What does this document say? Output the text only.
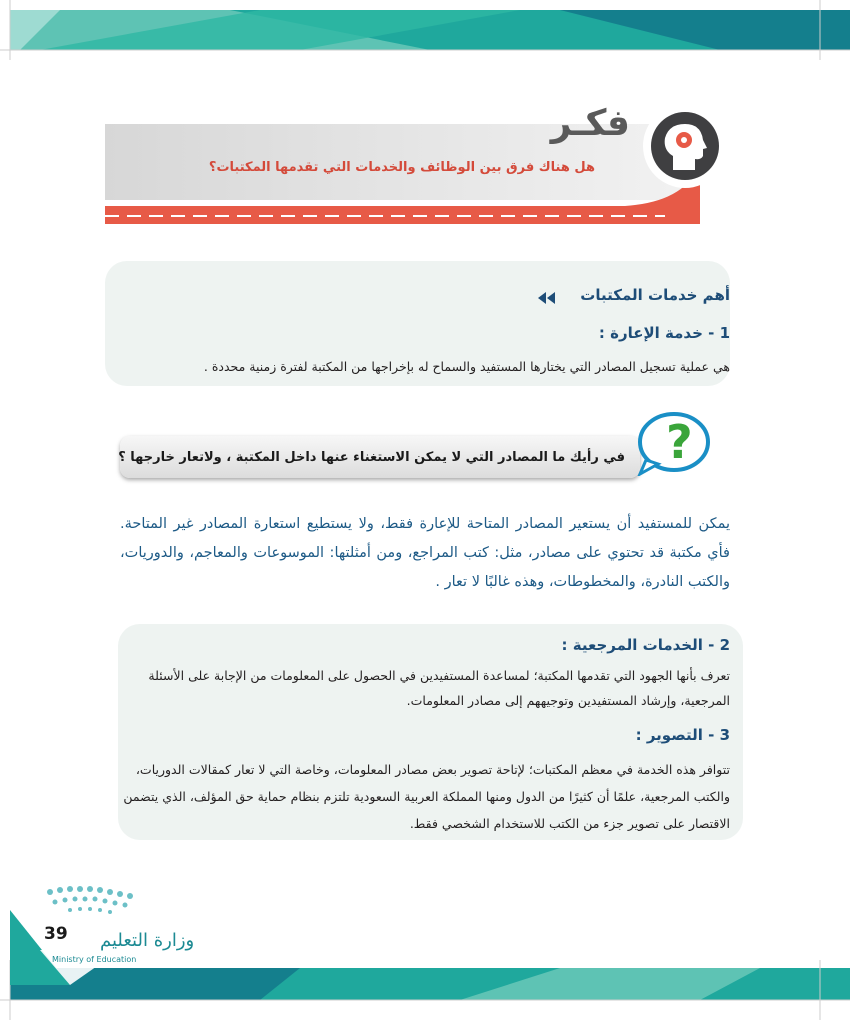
فكـر
هل هناك فرق بين الوظائف والخدمات التي تقدمها المكتبات؟
أهم خدمات المكتبات
1 - خدمة الإعارة :
هي عملية تسجيل المصادر التي يختارها المستفيد والسماح له بإخراجها من المكتبة لفترة زمنية محددة .
?
في رأيك ما المصادر التي لا يمكن الاستغناء عنها داخل المكتبة ، ولاتعار خارجها ؟
يمكن للمستفيد أن يستعير المصادر المتاحة للإعارة فقط، ولا يستطيع استعارة المصادر غير المتاحة. فأي مكتبة قد تحتوي على مصادر، مثل: كتب المراجع، ومن أمثلتها: الموسوعات والمعاجم، والدوريات، والكتب النادرة، والمخطوطات، وهذه غالبًا لا تعار .
2 - الخدمات المرجعية :
تعرف بأنها الجهود التي تقدمها المكتبة؛ لمساعدة المستفيدين في الحصول على المعلومات من الإجابة على الأسئلة المرجعية، وإرشاد المستفيدين وتوجيههم إلى مصادر المعلومات.
3 - التصوير :
تتوافر هذه الخدمة في معظم المكتبات؛ لإتاحة تصوير بعض مصادر المعلومات، وخاصة التي لا تعار كمقالات الدوريات، والكتب المرجعية، علمًا أن كثيرًا من الدول ومنها المملكة العربية السعودية تلتزم بنظام حماية حق المؤلف، الذي يتضمن الاقتصار على تصوير جزء من الكتب للاستخدام الشخصي فقط.
39 وزارة التعليم
Ministry of Education
